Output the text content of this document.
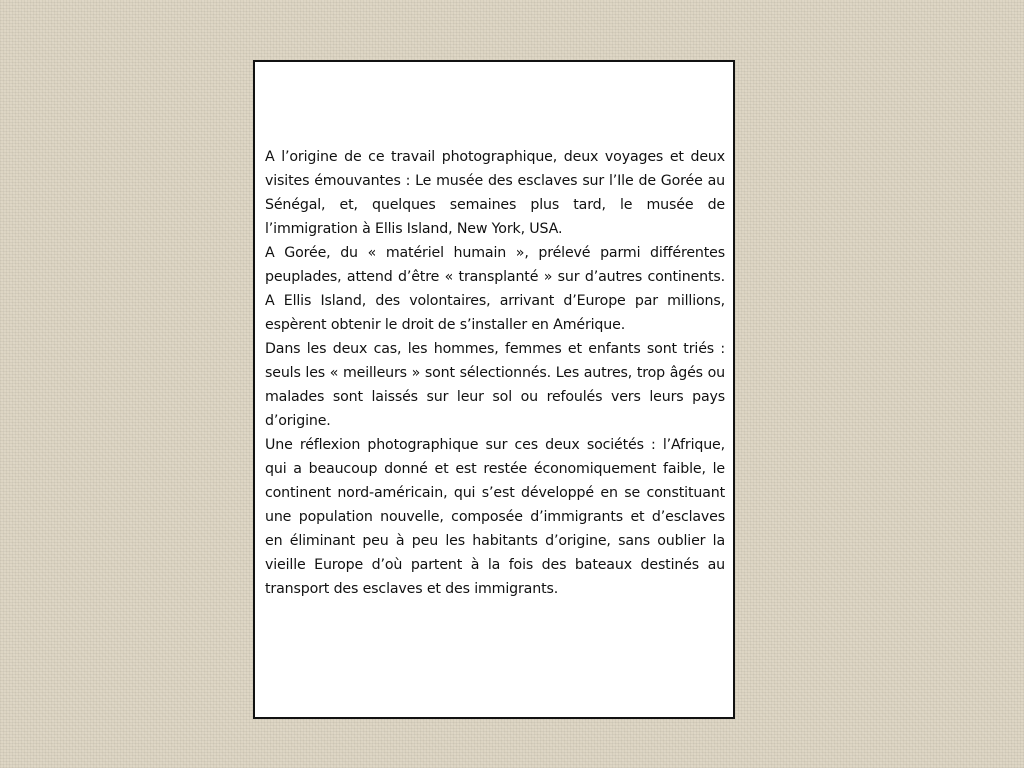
A l’origine de ce travail photographique, deux voyages et deux visites émouvantes : Le musée des esclaves sur l’Ile de Gorée au Sénégal, et, quelques semaines plus tard, le musée de l’immigration à Ellis Island, New York, USA.

A Gorée, du « matériel humain », prélevé parmi différentes peuplades, attend d’être « transplanté » sur d’autres continents. A Ellis Island, des volontaires, arrivant d’Europe par millions, espèrent obtenir le droit de s’installer en Amérique.

Dans les deux cas, les hommes, femmes et enfants sont triés : seuls les « meilleurs » sont sélectionnés. Les autres, trop âgés ou malades sont laissés sur leur sol ou refoulés vers leurs pays d’origine.

Une réflexion photographique sur ces deux sociétés : l’Afrique, qui a beaucoup donné et est restée économiquement faible, le continent nord-américain, qui s’est développé en se constituant une population nouvelle, composée d’immigrants et d’esclaves en éliminant peu à peu les habitants d’origine, sans oublier la vieille Europe d’où partent à la fois des bateaux destinés au transport des esclaves et des immigrants.
